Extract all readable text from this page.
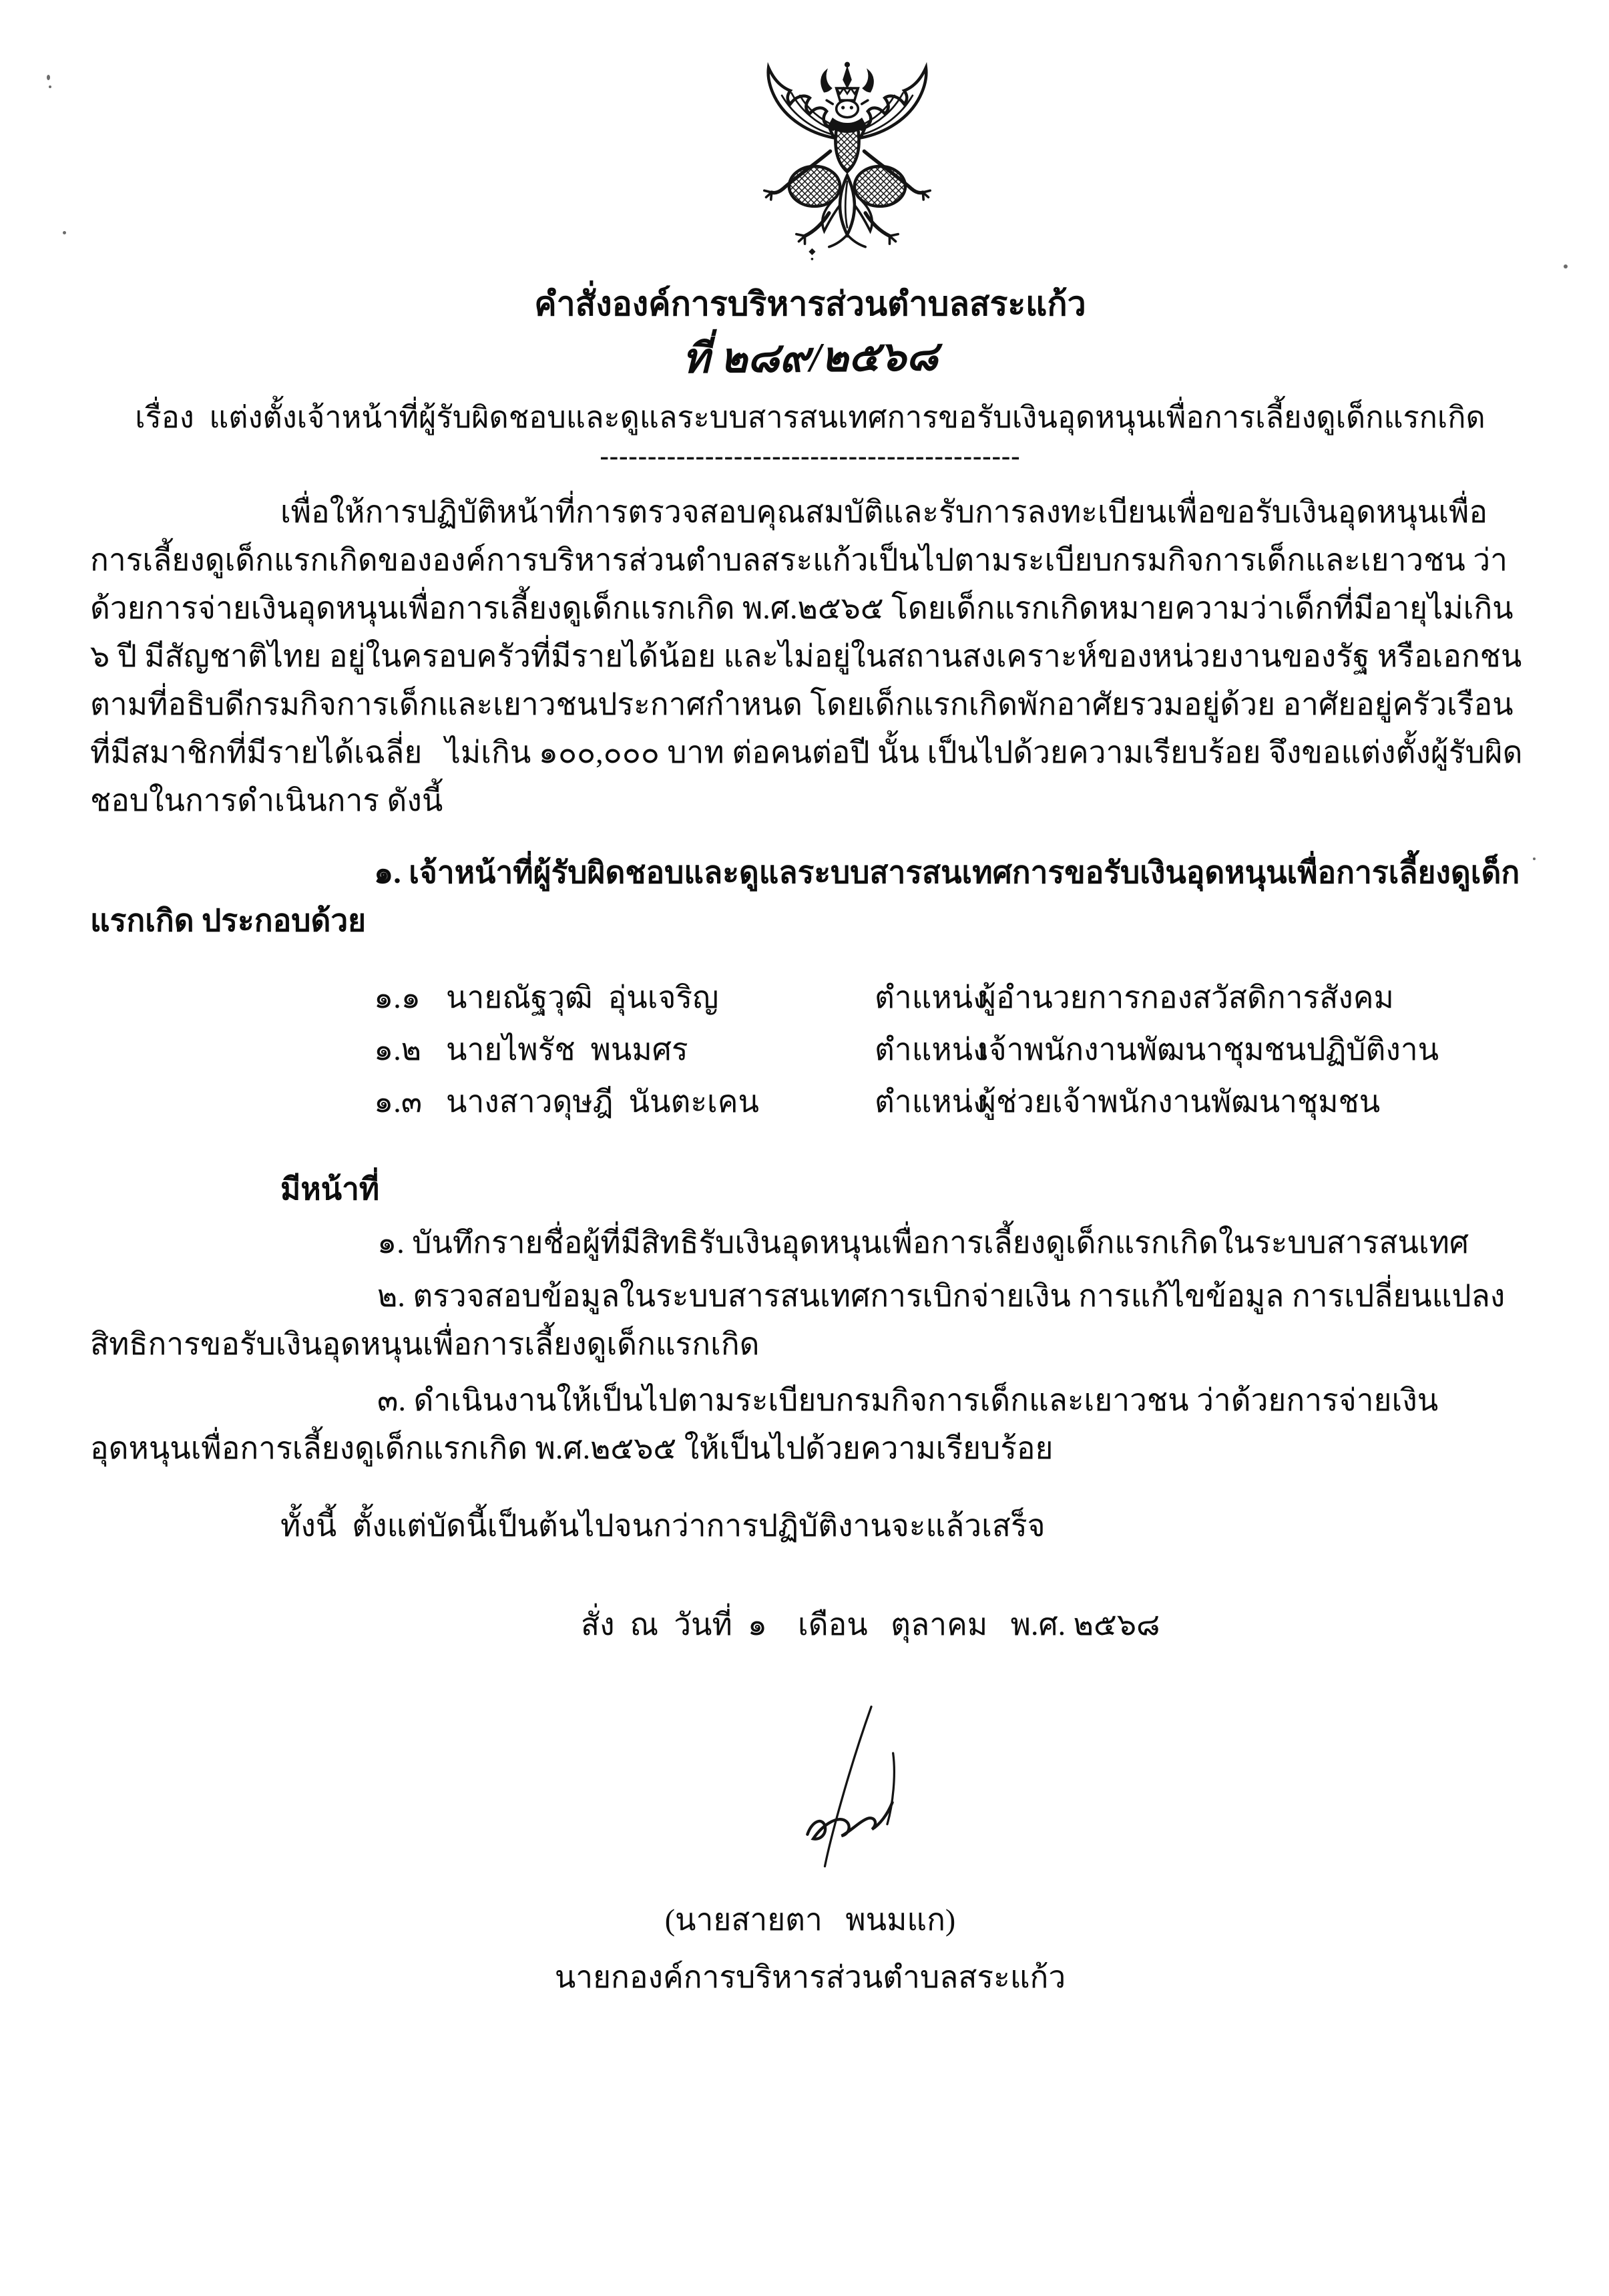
คำสั่งองค์การบริหารส่วนตำบลสระแก้ว
ที่ ๒๘๙/๒๕๖๘
เรื่อง  แต่งตั้งเจ้าหน้าที่ผู้รับผิดชอบและดูแลระบบสารสนเทศการขอรับเงินอุดหนุนเพื่อการเลี้ยงดูเด็กแรกเกิด
--------------------------------------------
เพื่อให้การปฏิบัติหน้าที่การตรวจสอบคุณสมบัติและรับการลงทะเบียนเพื่อขอรับเงินอุดหนุนเพื่อการเลี้ยงดูเด็กแรกเกิดขององค์การบริหารส่วนตำบลสระแก้วเป็นไปตามระเบียบกรมกิจการเด็กและเยาวชน ว่าด้วยการจ่ายเงินอุดหนุนเพื่อการเลี้ยงดูเด็กแรกเกิด พ.ศ.๒๕๖๕ โดยเด็กแรกเกิดหมายความว่าเด็กที่มีอายุไม่เกิน ๖ ปี มีสัญชาติไทย อยู่ในครอบครัวที่มีรายได้น้อย และไม่อยู่ในสถานสงเคราะห์ของหน่วยงานของรัฐ หรือเอกชน ตามที่อธิบดีกรมกิจการเด็กและเยาวชนประกาศกำหนด โดยเด็กแรกเกิดพักอาศัยรวมอยู่ด้วย อาศัยอยู่ครัวเรือนที่มีสมาชิกที่มีรายได้เฉลี่ย   ไม่เกิน ๑๐๐,๐๐๐ บาท ต่อคนต่อปี นั้น เป็นไปด้วยความเรียบร้อย จึงขอแต่งตั้งผู้รับผิดชอบในการดำเนินการ ดังนี้
๑. เจ้าหน้าที่ผู้รับผิดชอบและดูแลระบบสารสนเทศการขอรับเงินอุดหนุนเพื่อการเลี้ยงดูเด็กแรกเกิด ประกอบด้วย
๑.๑ นายณัฐวุฒิ  อุ่นเจริญ	ตำแหน่ง
ผู้อำนวยการกองสวัสดิการสังคม
๑.๒ นายไพรัช  พนมศร	ตำแหน่ง
เจ้าพนักงานพัฒนาชุมชนปฏิบัติงาน
๑.๓ นางสาวดุษฎี  นันตะเคน	ตำแหน่ง
ผู้ช่วยเจ้าพนักงานพัฒนาชุมชน
มีหน้าที่
๑. บันทึกรายชื่อผู้ที่มีสิทธิรับเงินอุดหนุนเพื่อการเลี้ยงดูเด็กแรกเกิดในระบบสารสนเทศ
๒. ตรวจสอบข้อมูลในระบบสารสนเทศการเบิกจ่ายเงิน การแก้ไขข้อมูล การเปลี่ยนแปลงสิทธิการขอรับเงินอุดหนุนเพื่อการเลี้ยงดูเด็กแรกเกิด
๓. ดำเนินงานให้เป็นไปตามระเบียบกรมกิจการเด็กและเยาวชน ว่าด้วยการจ่ายเงินอุดหนุนเพื่อการเลี้ยงดูเด็กแรกเกิด พ.ศ.๒๕๖๕ ให้เป็นไปด้วยความเรียบร้อย
ทั้งนี้  ตั้งแต่บัดนี้เป็นต้นไปจนกว่าการปฏิบัติงานจะแล้วเสร็จ
สั่ง  ณ  วันที่  ๑    เดือน   ตุลาคม   พ.ศ. ๒๕๖๘
(นายสายตา   พนมแก)
นายกองค์การบริหารส่วนตำบลสระแก้ว
